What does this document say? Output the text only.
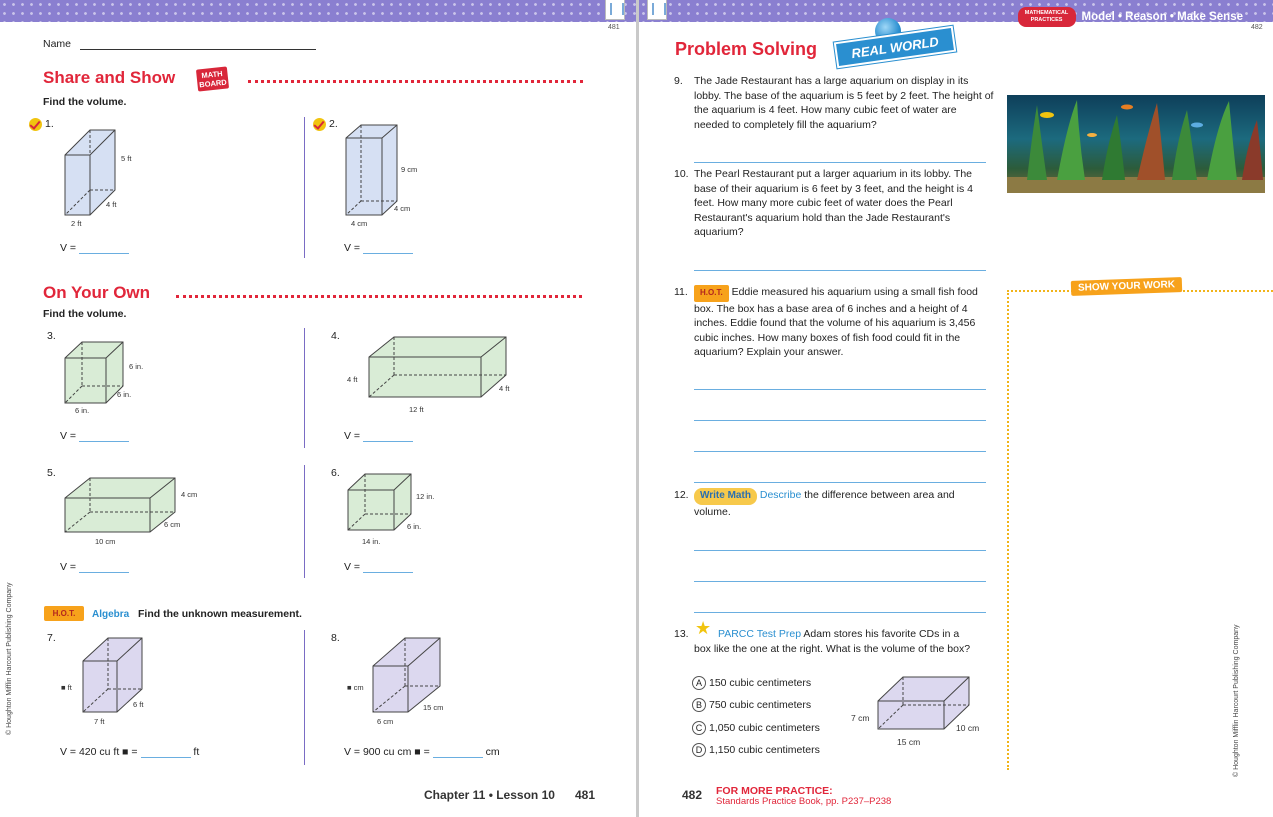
481
Name
Share and Show	MATH
BOARD
Find the volume.
1.
5 ft
4 ft
2 ft
V =
2.
9 cm
4 cm
4 cm
V =
On Your Own
Find the volume.
3.
6 in.
6 in.
6 in.
V =
4.
4 ft
4 ft
12 ft
V =
5.
4 cm
6 cm
10 cm
V =
6.
12 in.
6 in.
14 in.
V =
H.O.T.	Algebra Find the unknown measurement.
7.
■ ft
6 ft
7 ft
V = 420 cu ft ■ =	ft
8.
■ cm
15 cm
6 cm
V = 900 cu cm ■ =	cm
Chapter 11 • Lesson 10 481
© Houghton Mifflin Harcourt Publishing Company
482
MATHEMATICAL
PRACTICES	Model • Reason • Make Sense
Problem Solving	REAL WORLD
9. The Jade Restaurant has a large aquarium on display in its lobby. The base of the aquarium is 5 feet by 2 feet. The height of the aquarium is 4 feet. How many cubic feet of water are needed to completely fill the aquarium?
10. The Pearl Restaurant put a larger aquarium in its lobby. The base of their aquarium is 6 feet by 3 feet, and the height is 4 feet. How many more cubic feet of water does the Pearl Restaurant's aquarium hold than the Jade Restaurant's aquarium?
11. H.O.T. Eddie measured his aquarium using a small fish food box. The box has a base area of 6 inches and a height of 4 inches. Eddie found that the volume of his aquarium is 3,456 cubic inches. How many boxes of fish food could fit in the aquarium? Explain your answer.
SHOW YOUR WORK
12. Write Math Describe the difference between area and volume.
★
13.	PARCC Test Prep Adam stores his favorite CDs in a box like the one at the right. What is the volume of the box?
A 150 cubic centimeters
B 750 cubic centimeters
C 1,050 cubic centimeters
D 1,150 cubic centimeters
7 cm
10 cm
15 cm
482 FOR MORE PRACTICE:
Standards Practice Book, pp. P237–P238
© Houghton Mifflin Harcourt Publishing Company
